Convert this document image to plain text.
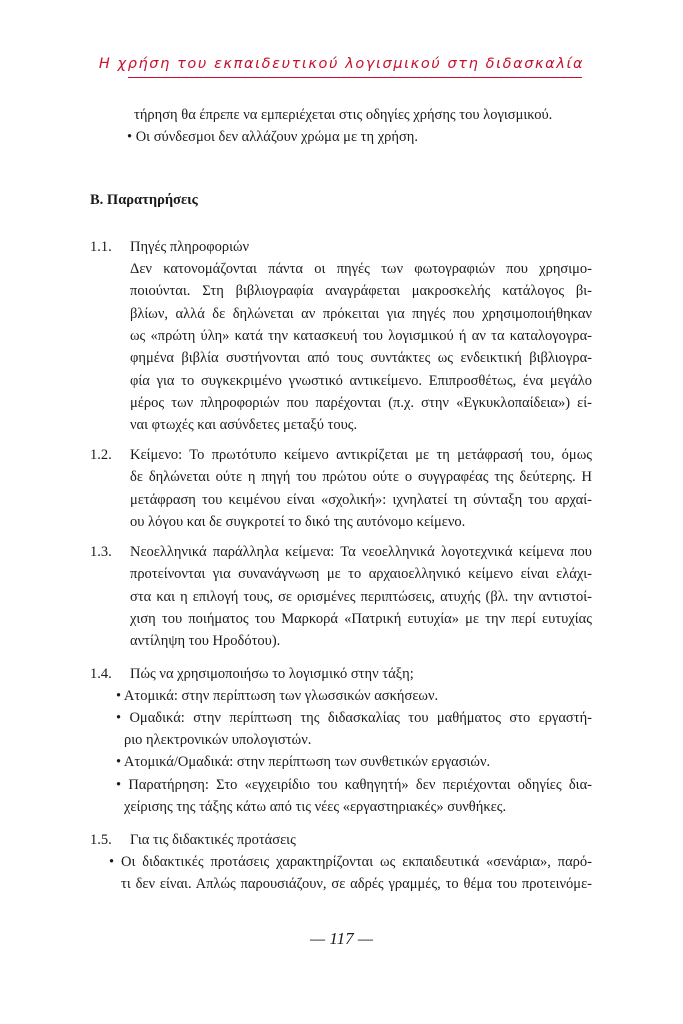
Η χρήση του εκπαιδευτικού λογισμικού στη διδασκαλία
τήρηση θα έπρεπε να εμπεριέχεται στις οδηγίες χρήσης του λογισμικού.
• Οι σύνδεσμοι δεν αλλάζουν χρώμα με τη χρήση.
Β. Παρατηρήσεις
1.1. Πηγές πληροφοριών
Δεν κατονομάζονται πάντα οι πηγές των φωτογραφιών που χρησιμο-
ποιούνται. Στη βιβλιογραφία αναγράφεται μακροσκελής κατάλογος βι-
βλίων, αλλά δε δηλώνεται αν πρόκειται για πηγές που χρησιμοποιήθηκαν
ως «πρώτη ύλη» κατά την κατασκευή του λογισμικού ή αν τα καταλογογρα-
φημένα βιβλία συστήνονται από τους συντάκτες ως ενδεικτική βιβλιογρα-
φία για το συγκεκριμένο γνωστικό αντικείμενο. Επιπροσθέτως, ένα μεγάλο
μέρος των πληροφοριών που παρέχονται (π.χ. στην «Εγκυκλοπαίδεια») εί-
ναι φτωχές και ασύνδετες μεταξύ τους.
1.2. Κείμενο: Το πρωτότυπο κείμενο αντικρίζεται με τη μετάφρασή του, όμως
δε δηλώνεται ούτε η πηγή του πρώτου ούτε ο συγγραφέας της δεύτερης. Η
μετάφραση του κειμένου είναι «σχολική»: ιχνηλατεί τη σύνταξη του αρχαί-
ου λόγου και δε συγκροτεί το δικό της αυτόνομο κείμενο.
1.3. Νεοελληνικά παράλληλα κείμενα: Τα νεοελληνικά λογοτεχνικά κείμενα που
προτείνονται για συνανάγνωση με το αρχαιοελληνικό κείμενο είναι ελάχι-
στα και η επιλογή τους, σε ορισμένες περιπτώσεις, ατυχής (βλ. την αντιστοί-
χιση του ποιήματος του Μαρκορά «Πατρική ευτυχία» με την περί ευτυχίας
αντίληψη του Ηροδότου).
1.4. Πώς να χρησιμοποιήσω το λογισμικό στην τάξη;
• Ατομικά: στην περίπτωση των γλωσσικών ασκήσεων.
• Ομαδικά: στην περίπτωση της διδασκαλίας του μαθήματος στο εργαστή-
ριο ηλεκτρονικών υπολογιστών.
• Ατομικά/Ομαδικά: στην περίπτωση των συνθετικών εργασιών.
• Παρατήρηση: Στο «εγχειρίδιο του καθηγητή» δεν περιέχονται οδηγίες δια-
χείρισης της τάξης κάτω από τις νέες «εργαστηριακές» συνθήκες.
1.5. Για τις διδακτικές προτάσεις
• Οι διδακτικές προτάσεις χαρακτηρίζονται ως εκπαιδευτικά «σενάρια», παρό-
τι δεν είναι. Απλώς παρουσιάζουν, σε αδρές γραμμές, το θέμα του προτεινόμε-
— 117 —
